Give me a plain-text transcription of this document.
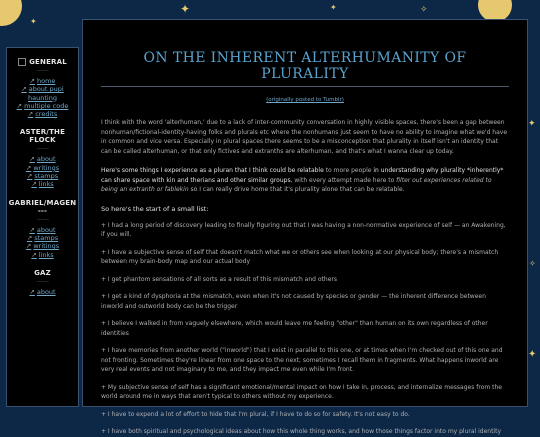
✦	✦	✧
✦
✦
✧
✦
GENERAL
···········
↗ home
↗ about pupi haunting
↗ multiple code
↗ credits
ASTER/THE FLOCK
···········
↗ about
↗ writings
↗ stamps
↗ links
GABRIEL/MAGEN ---
···········
↗ about
↗ stamps
↗ writings
↗ links
GAZ
···········
↗ about
ON THE INHERENT ALTERHUMANITY OF PLURALITY
(originally posted to Tumblr)

I think with the word 'alterhuman,' due to a lack of inter-community conversation in highly visible spaces, there's been a gap between nonhuman/fictional-identity-having folks and plurals etc where the nonhumans just seem to have no ability to imagine what we'd have in common and vice versa. Especially in plural spaces there seems to be a misconception that plurality in itself isn't an identity that can be called alterhuman, or that only fictives and extranths are alterhuman, and that's what I wanna clear up today.

Here's some things I experience as a pluran that I think could be relatable to more people in understanding why plurality *inherently* can share space with kin and therians and other similar groups, with every attempt made here to filter out experiences related to being an extranth or fablekin so I can really drive home that it's plurality alone that can be relatable.

So here's the start of a small list:

+ I had a long period of discovery leading to finally figuring out that I was having a non-normative experience of self — an Awakening, if you will.

+ I have a subjective sense of self that doesn't match what we or others see when looking at our physical body; there's a mismatch between my brain-body map and our actual body

+ I get phantom sensations of all sorts as a result of this mismatch and others

+ I get a kind of dysphoria at the mismatch, even when it's not caused by species or gender — the inherent difference between inworld and outworld body can be the trigger

+ I believe I walked in from vaguely elsewhere, which would leave me feeling "other" than human on its own regardless of other identities

+ I have memories from another world ("inworld") that I exist in parallel to this one, or at times when I'm checked out of this one and not fronting. Sometimes they're linear from one space to the next; sometimes I recall them in fragments. What happens inworld are very real events and not imaginary to me, and they impact me even while I'm front.

+ My subjective sense of self has a significant emotional/mental impact on how I take in, process, and internalize messages from the world around me in ways that aren't typical to others without my experience.

+ I have to expend a lot of effort to hide that I'm plural, if I have to do so for safety. It's not easy to do.

+ I have both spiritual and psychological ideas about how this whole thing works, and how those things factor into my plural identity
